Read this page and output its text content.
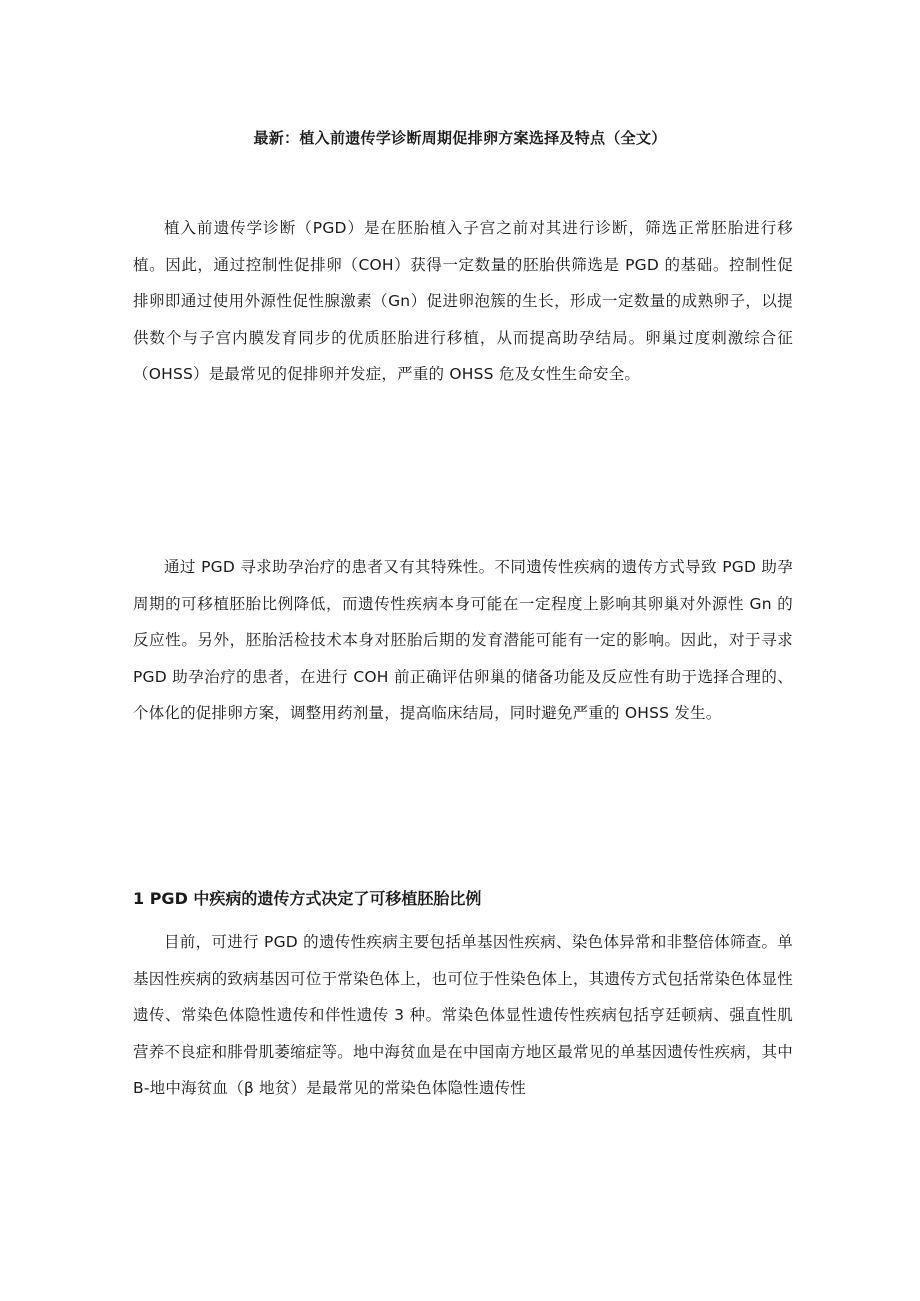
最新：植入前遗传学诊断周期促排卵方案选择及特点（全文）

植入前遗传学诊断（PGD）是在胚胎植入子宫之前对其进行诊断，筛选正常胚胎进行移植。因此，通过控制性促排卵（COH）获得一定数量的胚胎供筛选是 PGD 的基础。控制性促排卵即通过使用外源性促性腺激素（Gn）促进卵泡簇的生长，形成一定数量的成熟卵子，以提供数个与子宫内膜发育同步的优质胚胎进行移植，从而提高助孕结局。卵巢过度刺激综合征（OHSS）是最常见的促排卵并发症，严重的 OHSS 危及女性生命安全。

通过 PGD 寻求助孕治疗的患者又有其特殊性。不同遗传性疾病的遗传方式导致 PGD 助孕周期的可移植胚胎比例降低，而遗传性疾病本身可能在一定程度上影响其卵巢对外源性 Gn 的反应性。另外，胚胎活检技术本身对胚胎后期的发育潜能可能有一定的影响。因此，对于寻求 PGD 助孕治疗的患者，在进行 COH 前正确评估卵巢的储备功能及反应性有助于选择合理的、个体化的促排卵方案，调整用药剂量，提高临床结局，同时避免严重的 OHSS 发生。

1 PGD 中疾病的遗传方式决定了可移植胚胎比例

目前，可进行 PGD 的遗传性疾病主要包括单基因性疾病、染色体异常和非整倍体筛查。单基因性疾病的致病基因可位于常染色体上，也可位于性染色体上，其遗传方式包括常染色体显性遗传、常染色体隐性遗传和伴性遗传 3 种。常染色体显性遗传性疾病包括亨廷顿病、强直性肌营养不良症和腓骨肌萎缩症等。地中海贫血是在中国南方地区最常见的单基因遗传性疾病，其中 Β-地中海贫血（β 地贫）是最常见的常染色体隐性遗传性
